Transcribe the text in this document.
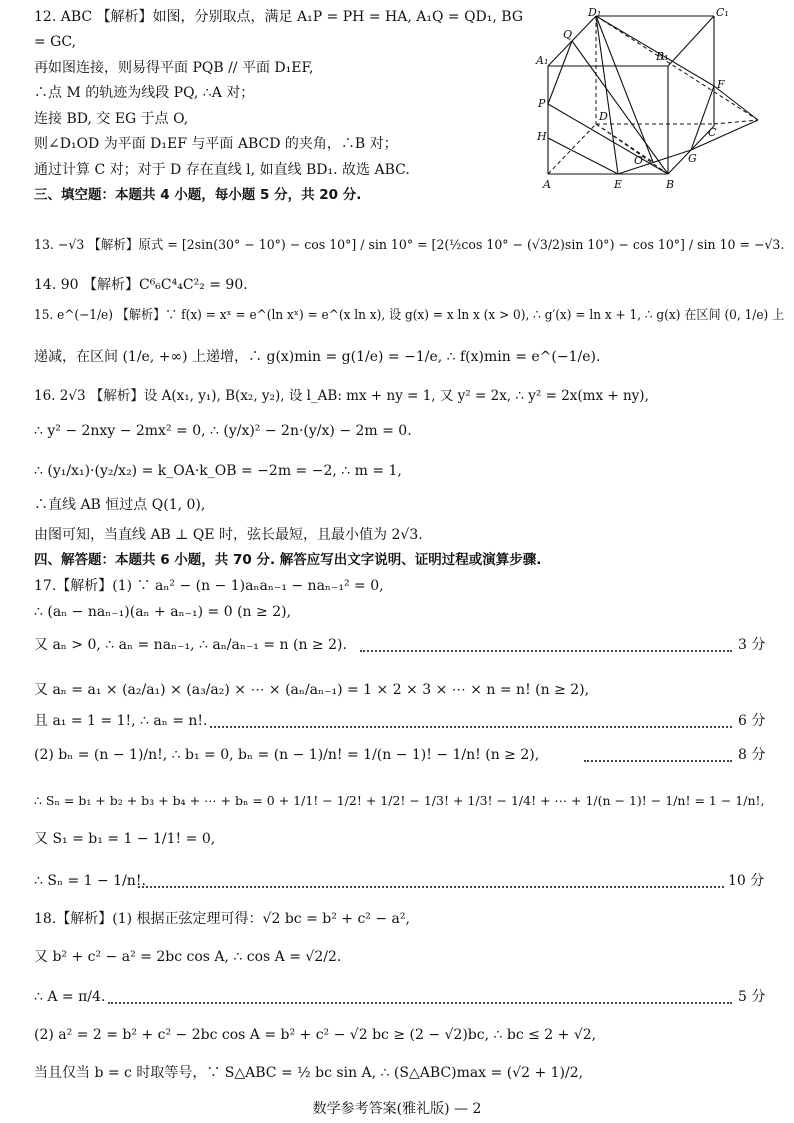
D₁	C₁
Q
B₁
A₁
F
P
D
H	C
O	G
A	E	B
12. ABC 【解析】如图，分别取点，满足 A₁P = PH = HA, A₁Q = QD₁, BG
= GC,
再如图连接，则易得平面 PQB // 平面 D₁EF,
∴点 M 的轨迹为线段 PQ, ∴A 对；
连接 BD, 交 EG 于点 O,
则∠D₁OD 为平面 D₁EF 与平面 ABCD 的夹角，∴B 对；
通过计算 C 对；对于 D 存在直线 l, 如直线 BD₁. 故选 ABC.
三、填空题：本题共 4 小题，每小题 5 分，共 20 分.
13. −√3 【解析】原式 = [2sin(30° − 10°) − cos 10°] / sin 10° = [2(½cos 10° − (√3/2)sin 10°) − cos 10°] / sin 10 = −√3.
14. 90 【解析】C⁶₆C⁴₄C²₂ = 90.
15. e^(−1/e) 【解析】∵ f(x) = xˣ = e^(ln xˣ) = e^(x ln x), 设 g(x) = x ln x (x > 0), ∴ g′(x) = ln x + 1, ∴ g(x) 在区间 (0, 1/e) 上
递减，在区间 (1/e, +∞) 上递增，∴ g(x)min = g(1/e) = −1/e, ∴ f(x)min = e^(−1/e).
16. 2√3 【解析】设 A(x₁, y₁), B(x₂, y₂), 设 l_AB: mx + ny = 1, 又 y² = 2x, ∴ y² = 2x(mx + ny),
∴ y² − 2nxy − 2mx² = 0, ∴ (y/x)² − 2n·(y/x) − 2m = 0.
∴ (y₁/x₁)·(y₂/x₂) = k_OA·k_OB = −2m = −2, ∴ m = 1,
∴直线 AB 恒过点 Q(1, 0),
由图可知，当直线 AB ⊥ QE 时，弦长最短，且最小值为 2√3.
四、解答题：本题共 6 小题，共 70 分. 解答应写出文字说明、证明过程或演算步骤.
17.【解析】(1) ∵ aₙ² − (n − 1)aₙaₙ₋₁ − naₙ₋₁² = 0,
∴ (aₙ − naₙ₋₁)(aₙ + aₙ₋₁) = 0 (n ≥ 2),
又 aₙ > 0, ∴ aₙ = naₙ₋₁, ∴ aₙ/aₙ₋₁ = n (n ≥ 2).	3 分
又 aₙ = a₁ × (a₂/a₁) × (a₃/a₂) × ⋯ × (aₙ/aₙ₋₁) = 1 × 2 × 3 × ⋯ × n = n! (n ≥ 2),
且 a₁ = 1 = 1!, ∴ aₙ = n!.	6 分
(2) bₙ = (n − 1)/n!, ∴ b₁ = 0, bₙ = (n − 1)/n! = 1/(n − 1)! − 1/n! (n ≥ 2),	8 分
∴ Sₙ = b₁ + b₂ + b₃ + b₄ + ⋯ + bₙ = 0 + 1/1! − 1/2! + 1/2! − 1/3! + 1/3! − 1/4! + ⋯ + 1/(n − 1)! − 1/n! = 1 − 1/n!,
又 S₁ = b₁ = 1 − 1/1! = 0,
∴ Sₙ = 1 − 1/n!.	10 分
18.【解析】(1) 根据正弦定理可得：√2 bc = b² + c² − a²,
又 b² + c² − a² = 2bc cos A, ∴ cos A = √2/2.
∴ A = π/4.	5 分
(2) a² = 2 = b² + c² − 2bc cos A = b² + c² − √2 bc ≥ (2 − √2)bc, ∴ bc ≤ 2 + √2,
当且仅当 b = c 时取等号，∵ S△ABC = ½ bc sin A, ∴ (S△ABC)max = (√2 + 1)/2,
数学参考答案(雅礼版) — 2
